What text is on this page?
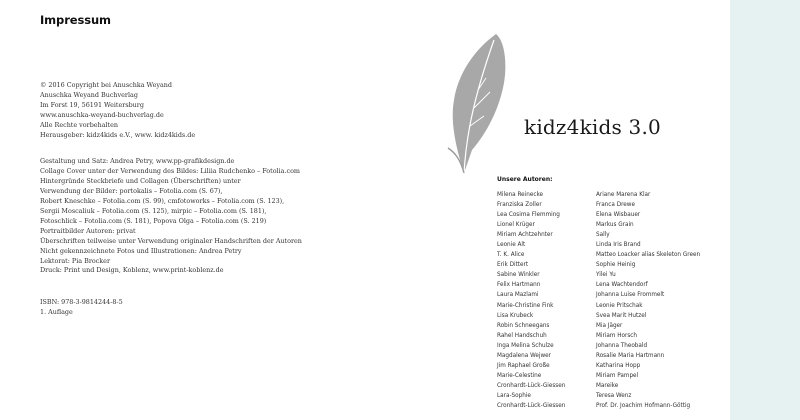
Impressum
© 2016 Copyright bei Anuschka Weyand
Anuschka Weyand Buchverlag
Im Forst 19, 56191 Weitersburg
www.anuschka-weyand-buchverlag.de
Alle Rechte vorbehalten
Herausgeber: kidz4kids e.V., www. kidz4kids.de
Gestaltung und Satz: Andrea Petry, www.pp-grafikdesign.de
Collage Cover unter der Verwendung des Bildes: Liliia Rudchenko – Fotolia.com
Hintergründe Steckbriefe und Collagen (Überschriften) unter
Verwendung der Bilder: portokalis – Fotolia.com (S. 67),
Robert Kneschke – Fotolia.com (S. 99), cmfotoworks – Fotolia.com (S. 123),
Sergii Moscaliuk – Fotolia.com (S. 125), mirpic – Fotolia.com (S. 181),
Fotoschlick – Fotolia.com (S. 181), Popova Olga – Fotolia.com (S. 219)
Portraitbilder Autoren: privat
Überschriften teilweise unter Verwendung originaler Handschriften der Autoren
Nicht gekennzeichnete Fotos und Illustrationen: Andrea Petry
Lektorat: Pia Brocker
Druck: Print und Design, Koblenz, www.print-koblenz.de
ISBN: 978-3-9814244-8-5
1. Auflage
kidz4kids 3.0
Unsere Autoren:
Milena Reinecke
Franziska Zoller
Lea Cosima Flemming
Lionel Krüger
Miriam Achtzehnter
Leonie Alt
T. K. Alice
Erik Dittert
Sabine Winkler
Felix Hartmann
Laura Mazlami
Marie-Christine Fink
Lisa Krubeck
Robin Schneegans
Rahel Handschuh
Inga Melina Schulze
Magdalena Wejwer
Jim Raphael Große
Marie-Celestine
Cronhardt-Lück-Giessen
Lara-Sophie
Cronhardt-Lück-Giessen
Ariane Marena Klar
Franca Drewe
Elena Wisbauer
Markus Grain
Sally
Linda Iris Brand
Matteo Loacker alias Skeleton Green
Sophie Heinig
Yilei Yu
Lena Wachtendorf
Johanna Luise Frommelt
Leonie Pritschak
Svea Marit Hutzel
Mia Jäger
Miriam Horsch
Johanna Theobald
Rosalie Maria Hartmann
Katharina Hopp
Miriam Pampel
Mareike
Teresa Wenz
Prof. Dr. Joachim Hofmann-Göttig
